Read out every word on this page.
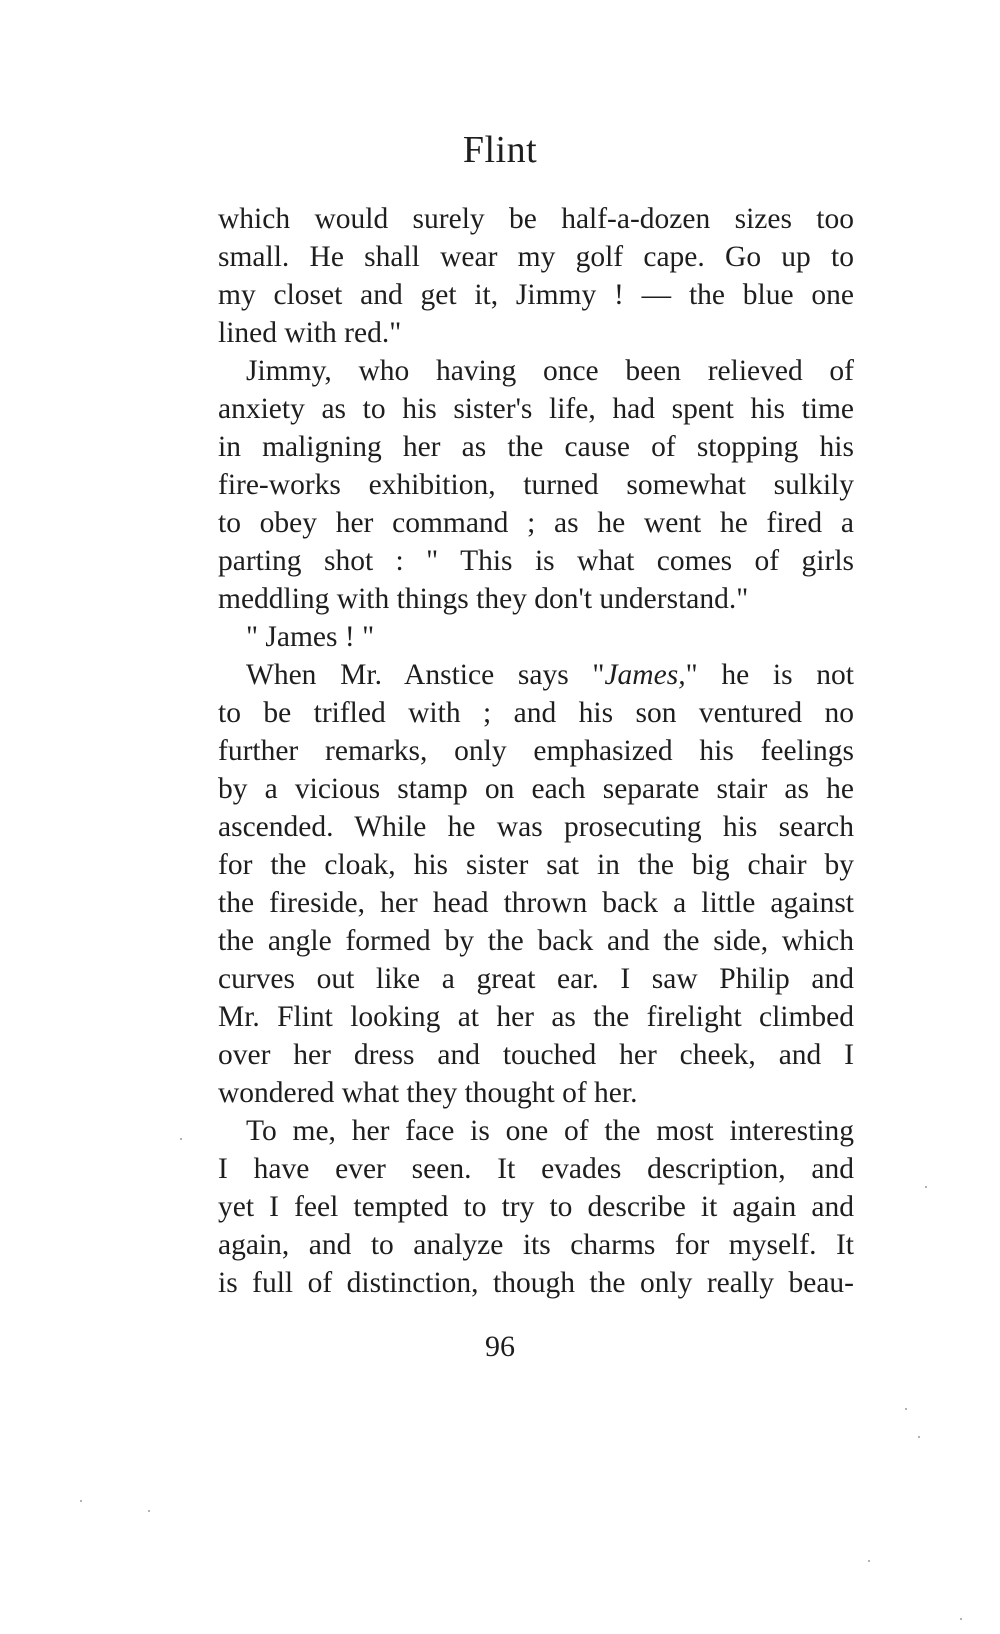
Flint
which would surely be half-a-dozen sizes too
small. He shall wear my golf cape. Go up to
my closet and get it, Jimmy ! — the blue one
lined with red."
Jimmy, who having once been relieved of
anxiety as to his sister's life, had spent his time
in maligning her as the cause of stopping his
fire-works exhibition, turned somewhat sulkily
to obey her command ; as he went he fired a
parting shot : " This is what comes of girls
meddling with things they don't understand."
" James ! "
When Mr. Anstice says "James," he is not
to be trifled with ; and his son ventured no
further remarks, only emphasized his feelings
by a vicious stamp on each separate stair as he
ascended. While he was prosecuting his search
for the cloak, his sister sat in the big chair by
the fireside, her head thrown back a little against
the angle formed by the back and the side, which
curves out like a great ear. I saw Philip and
Mr. Flint looking at her as the firelight climbed
over her dress and touched her cheek, and I
wondered what they thought of her.
To me, her face is one of the most interesting
I have ever seen. It evades description, and
yet I feel tempted to try to describe it again and
again, and to analyze its charms for myself. It
is full of distinction, though the only really beau-
96
